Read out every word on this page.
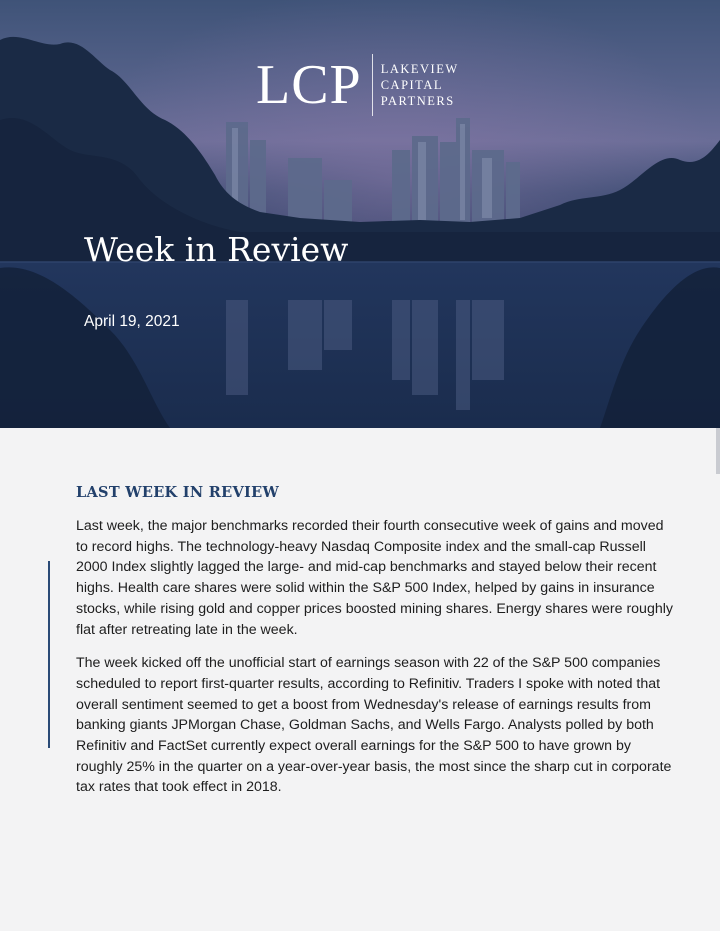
LCP LAKEVIEW
CAPITAL
PARTNERS
Week in Review
April 19, 2021
LAST WEEK IN REVIEW

Last week, the major benchmarks recorded their fourth consecutive week of gains and moved to record highs. The technology-heavy Nasdaq Composite index and the small-cap Russell 2000 Index slightly lagged the large- and mid-cap benchmarks and stayed below their recent highs. Health care shares were solid within the S&P 500 Index, helped by gains in insurance stocks, while rising gold and copper prices boosted mining shares. Energy shares were roughly flat after retreating late in the week.

The week kicked off the unofficial start of earnings season with 22 of the S&P 500 companies scheduled to report first-quarter results, according to Refinitiv. Traders I spoke with noted that overall sentiment seemed to get a boost from Wednesday's release of earnings results from banking giants JPMorgan Chase, Goldman Sachs, and Wells Fargo. Analysts polled by both Refinitiv and FactSet currently expect overall earnings for the S&P 500 to have grown by roughly 25% in the quarter on a year-over-year basis, the most since the sharp cut in corporate tax rates that took effect in 2018.
